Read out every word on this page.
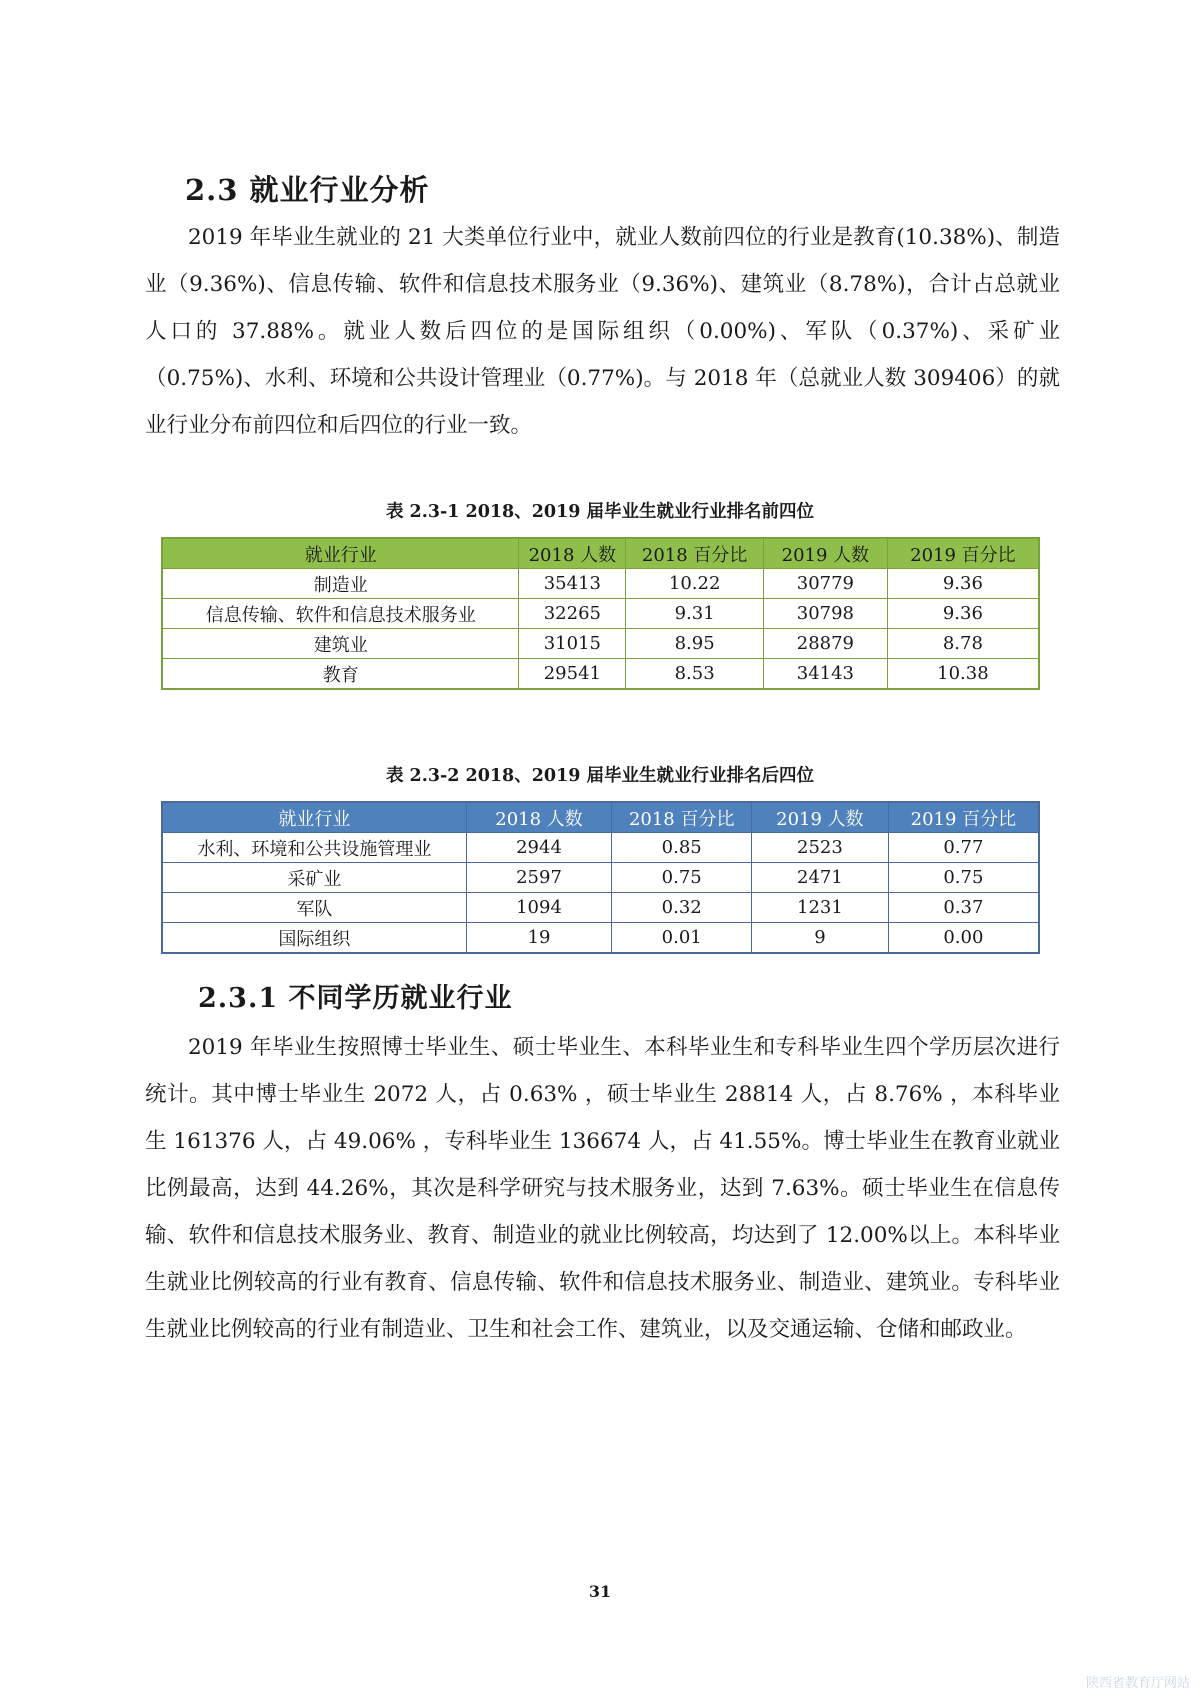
2.3 就业行业分析

2019 年毕业生就业的 21 大类单位行业中，就业人数前四位的行业是教育(10.38%)、制造业（9.36%)、信息传输、软件和信息技术服务业（9.36%)、建筑业（8.78%)，合计占总就业人口的 37.88%。就业人数后四位的是国际组织（0.00%)、军队（0.37%)、采矿业（0.75%)、水利、环境和公共设计管理业（0.77%)。与 2018 年（总就业人数 309406）的就业行业分布前四位和后四位的行业一致。

表 2.3-1 2018、2019 届毕业生就业行业排名前四位

就业行业	2018 人数	2018 百分比	2019 人数	2019 百分比
制造业	35413	10.22	30779	9.36
信息传输、软件和信息技术服务业	32265	9.31	30798	9.36
建筑业	31015	8.95	28879	8.78
教育	29541	8.53	34143	10.38

表 2.3-2 2018、2019 届毕业生就业行业排名后四位

就业行业	2018 人数	2018 百分比	2019 人数	2019 百分比
水利、环境和公共设施管理业	2944	0.85	2523	0.77
采矿业	2597	0.75	2471	0.75
军队	1094	0.32	1231	0.37
国际组织	19	0.01	9	0.00
2.3.1 不同学历就业行业

2019 年毕业生按照博士毕业生、硕士毕业生、本科毕业生和专科毕业生四个学历层次进行统计。其中博士毕业生 2072 人，占 0.63% ，硕士毕业生 28814 人，占 8.76% ，本科毕业生 161376 人，占 49.06% ，专科毕业生 136674 人，占 41.55%。博士毕业生在教育业就业比例最高，达到 44.26%，其次是科学研究与技术服务业，达到 7.63%。硕士毕业生在信息传输、软件和信息技术服务业、教育、制造业的就业比例较高，均达到了 12.00%以上。本科毕业生就业比例较高的行业有教育、信息传输、软件和信息技术服务业、制造业、建筑业。专科毕业生就业比例较高的行业有制造业、卫生和社会工作、建筑业，以及交通运输、仓储和邮政业。

31
陕西省教育厅网站
